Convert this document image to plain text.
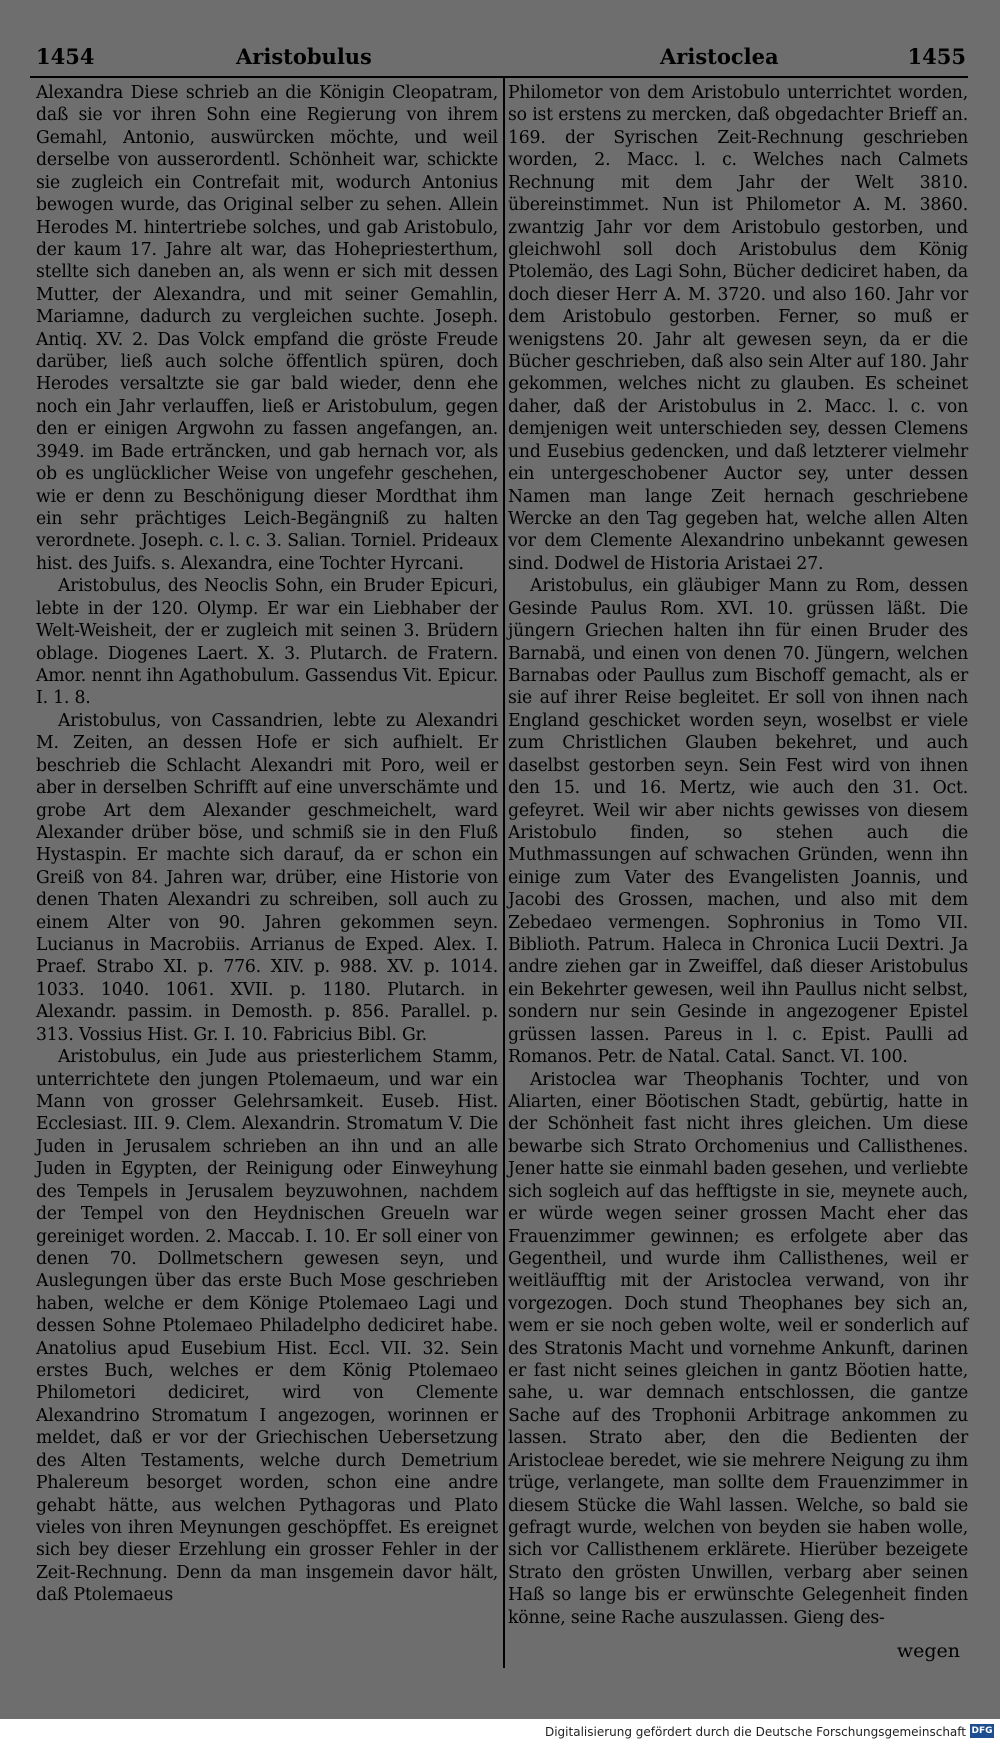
1454	Aristobulus	Aristoclea	1455

Alexandra Diese schrieb an die Königin Cleopatram, daß sie vor ihren Sohn eine Regierung von ihrem Gemahl, Antonio, auswürcken möchte, und weil derselbe von ausserordentl. Schönheit war, schickte sie zugleich ein Contrefait mit, wodurch Antonius bewogen wurde, das Original selber zu sehen. Allein Herodes M. hintertriebe solches, und gab Aristobulo, der kaum 17. Jahre alt war, das Hohepriesterthum, stellte sich daneben an, als wenn er sich mit dessen Mutter, der Alexandra, und mit seiner Gemahlin, Mariamne, dadurch zu vergleichen suchte. Joseph. Antiq. XV. 2. Das Volck empfand die gröste Freude darüber, ließ auch solche öffentlich spüren, doch Herodes versaltzte sie gar bald wieder, denn ehe noch ein Jahr verlauffen, ließ er Aristobulum, gegen den er einigen Argwohn zu fassen angefangen, an. 3949. im Bade ertrăncken, und gab hernach vor, als ob es unglücklicher Weise von ungefehr geschehen, wie er denn zu Beschönigung dieser Mordthat ihm ein sehr prächtiges Leich-Begängniß zu halten verordnete. Joseph. c. l. c. 3. Salian. Torniel. Prideaux hist. des Juifs. s. Alexandra, eine Tochter Hyrcani.

Aristobulus, des Neoclis Sohn, ein Bruder Epicuri, lebte in der 120. Olymp. Er war ein Liebhaber der Welt-Weisheit, der er zugleich mit seinen 3. Brüdern oblage. Diogenes Laert. X. 3. Plutarch. de Fratern. Amor. nennt ihn Agathobulum. Gassendus Vit. Epicur. I. 1. 8.

Aristobulus, von Cassandrien, lebte zu Alexandri M. Zeiten, an dessen Hofe er sich aufhielt. Er beschrieb die Schlacht Alexandri mit Poro, weil er aber in derselben Schrifft auf eine unverschämte und grobe Art dem Alexander geschmeichelt, ward Alexander drüber böse, und schmiß sie in den Fluß Hystaspin. Er machte sich darauf, da er schon ein Greiß von 84. Jahren war, drüber, eine Historie von denen Thaten Alexandri zu schreiben, soll auch zu einem Alter von 90. Jahren gekommen seyn. Lucianus in Macrobiis. Arrianus de Exped. Alex. I. Praef. Strabo XI. p. 776. XIV. p. 988. XV. p. 1014. 1033. 1040. 1061. XVII. p. 1180. Plutarch. in Alexandr. passim. in Demosth. p. 856. Parallel. p. 313. Vossius Hist. Gr. I. 10. Fabricius Bibl. Gr.

Aristobulus, ein Jude aus priesterlichem Stamm, unterrichtete den jungen Ptolemaeum, und war ein Mann von grosser Gelehrsamkeit. Euseb. Hist. Ecclesiast. III. 9. Clem. Alexandrin. Stromatum V. Die Juden in Jerusalem schrieben an ihn und an alle Juden in Egypten, der Reinigung oder Einweyhung des Tempels in Jerusalem beyzuwohnen, nachdem der Tempel von den Heydnischen Greueln war gereiniget worden. 2. Maccab. I. 10. Er soll einer von denen 70. Dollmetschern gewesen seyn, und Auslegungen über das erste Buch Mose geschrieben haben, welche er dem Könige Ptolemaeo Lagi und dessen Sohne Ptolemaeo Philadelpho dediciret habe. Anatolius apud Eusebium Hist. Eccl. VII. 32. Sein erstes Buch, welches er dem König Ptolemaeo Philometori dediciret, wird von Clemente Alexandrino Stromatum I angezogen, worinnen er meldet, daß er vor der Griechischen Uebersetzung des Alten Testaments, welche durch Demetrium Phalereum besorget worden, schon eine andre gehabt hätte, aus welchen Pythagoras und Plato vieles von ihren Meynungen geschöpffet. Es ereignet sich bey dieser Erzehlung ein grosser Fehler in der Zeit-Rechnung. Denn da man insgemein davor hält, daß Ptolemaeus

Philometor von dem Aristobulo unterrichtet worden, so ist erstens zu mercken, daß obgedachter Brieff an. 169. der Syrischen Zeit-Rechnung geschrieben worden, 2. Macc. l. c. Welches nach Calmets Rechnung mit dem Jahr der Welt 3810. übereinstimmet. Nun ist Philometor A. M. 3860. zwantzig Jahr vor dem Aristobulo gestorben, und gleichwohl soll doch Aristobulus dem König Ptolemäo, des Lagi Sohn, Bücher dediciret haben, da doch dieser Herr A. M. 3720. und also 160. Jahr vor dem Aristobulo gestorben. Ferner, so muß er wenigstens 20. Jahr alt gewesen seyn, da er die Bücher geschrieben, daß also sein Alter auf 180. Jahr gekommen, welches nicht zu glauben. Es scheinet daher, daß der Aristobulus in 2. Macc. l. c. von demjenigen weit unterschieden sey, dessen Clemens und Eusebius gedencken, und daß letzterer vielmehr ein untergeschobener Auctor sey, unter dessen Namen man lange Zeit hernach geschriebene Wercke an den Tag gegeben hat, welche allen Alten vor dem Clemente Alexandrino unbekannt gewesen sind. Dodwel de Historia Aristaei 27.

Aristobulus, ein gläubiger Mann zu Rom, dessen Gesinde Paulus Rom. XVI. 10. grüssen läßt. Die jüngern Griechen halten ihn für einen Bruder des Barnabä, und einen von denen 70. Jüngern, welchen Barnabas oder Paullus zum Bischoff gemacht, als er sie auf ihrer Reise begleitet. Er soll von ihnen nach England geschicket worden seyn, woselbst er viele zum Christlichen Glauben bekehret, und auch daselbst gestorben seyn. Sein Fest wird von ihnen den 15. und 16. Mertz, wie auch den 31. Oct. gefeyret. Weil wir aber nichts gewisses von diesem Aristobulo finden, so stehen auch die Muthmassungen auf schwachen Gründen, wenn ihn einige zum Vater des Evangelisten Joannis, und Jacobi des Grossen, machen, und also mit dem Zebedaeo vermengen. Sophronius in Tomo VII. Biblioth. Patrum. Haleca in Chronica Lucii Dextri. Ja andre ziehen gar in Zweiffel, daß dieser Aristobulus ein Bekehrter gewesen, weil ihn Paullus nicht selbst, sondern nur sein Gesinde in angezogener Epistel grüssen lassen. Pareus in l. c. Epist. Paulli ad Romanos. Petr. de Natal. Catal. Sanct. VI. 100.

Aristoclea war Theophanis Tochter, und von Aliarten, einer Böotischen Stadt, gebürtig, hatte in der Schönheit fast nicht ihres gleichen. Um diese bewarbe sich Strato Orchomenius und Callisthenes. Jener hatte sie einmahl baden gesehen, und verliebte sich sogleich auf das hefftigste in sie, meynete auch, er würde wegen seiner grossen Macht eher das Frauenzimmer gewinnen; es erfolgete aber das Gegentheil, und wurde ihm Callisthenes, weil er weitläufftig mit der Aristoclea verwand, von ihr vorgezogen. Doch stund Theophanes bey sich an, wem er sie noch geben wolte, weil er sonderlich auf des Stratonis Macht und vornehme Ankunft, darinen er fast nicht seines gleichen in gantz Böotien hatte, sahe, u. war demnach entschlossen, die gantze Sache auf des Trophonii Arbitrage ankommen zu lassen. Strato aber, den die Bedienten der Aristocleae beredet, wie sie mehrere Neigung zu ihm trüge, verlangete, man sollte dem Frauenzimmer in diesem Stücke die Wahl lassen. Welche, so bald sie gefragt wurde, welchen von beyden sie haben wolle, sich vor Callisthenem erklärete. Hierüber bezeigete Strato den grösten Unwillen, verbarg aber seinen Haß so lange bis er erwünschte Gelegenheit finden könne, seine Rache auszulassen. Gieng des-

wegen
Digitalisierung gefördert durch die Deutsche Forschungsgemeinschaft DFG
